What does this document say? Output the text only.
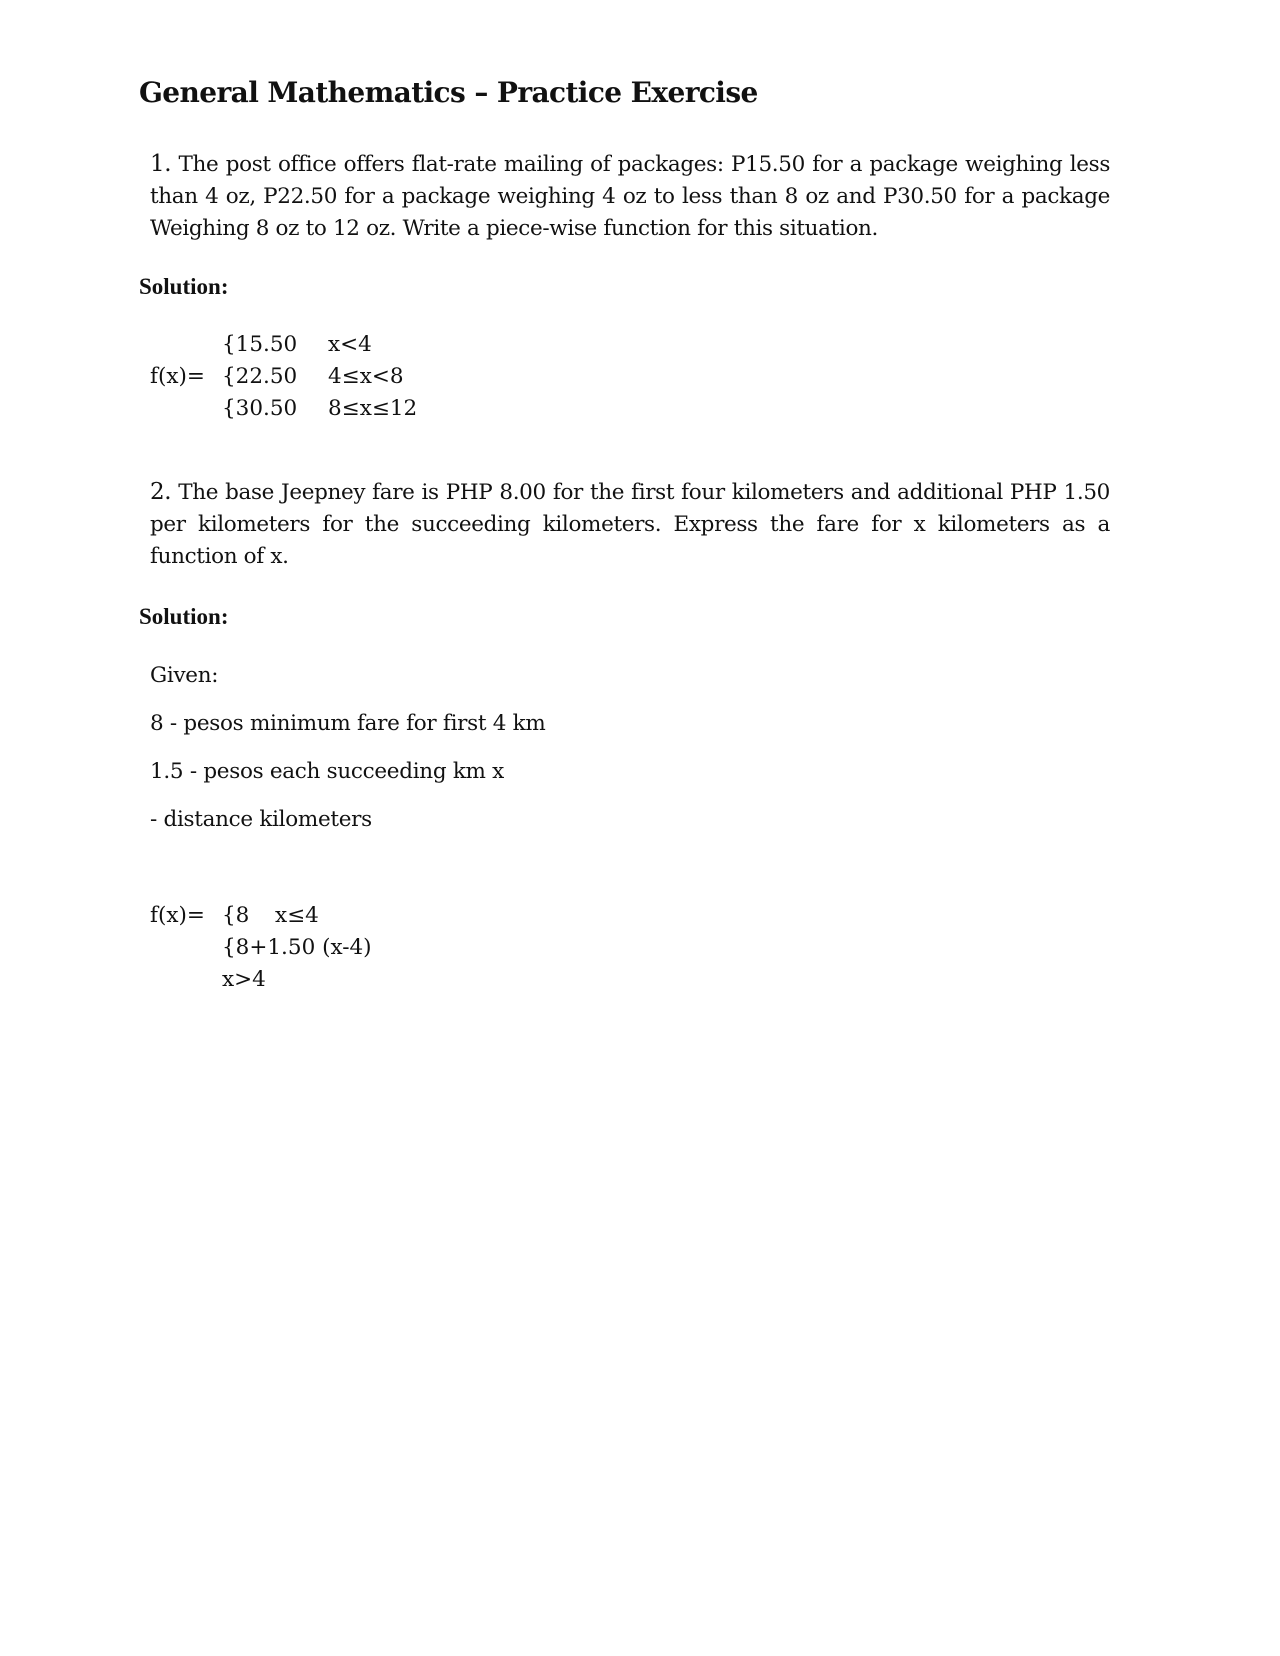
General Mathematics – Practice Exercise

1. The post office offers flat-rate mailing of packages: P15.50 for a package weighing less than 4 oz, P22.50 for a package weighing 4 oz to less than 8 oz and P30.50 for a package Weighing 8 oz to 12 oz. Write a piece-wise function for this situation.

Solution:
f(x)=
{15.50 x<4
{22.50 4≤x<8
{30.50 8≤x≤12

2. The base Jeepney fare is PHP 8.00 for the first four kilometers and additional PHP 1.50 per kilometers for the succeeding kilometers. Express the fare for x kilometers as a function of x.

Solution:

Given:

8 - pesos minimum fare for first 4 km

1.5 - pesos each succeeding km x

- distance kilometers

f(x)= {8 x≤4
{8+1.50 (x-4)
x>4
